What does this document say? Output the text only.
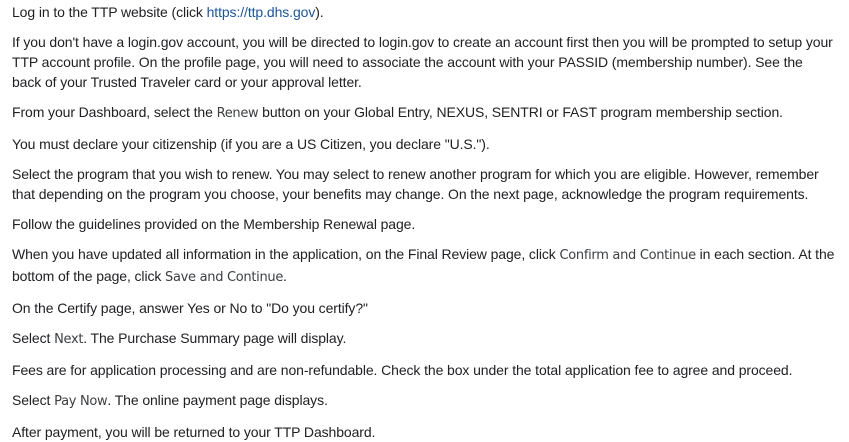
Log in to the TTP website (click https://ttp.dhs.gov).

If you don't have a login.gov account, you will be directed to login.gov to create an account first then you will be prompted to setup your TTP account profile. On the profile page, you will need to associate the account with your PASSID (membership number). See the back of your Trusted Traveler card or your approval letter.

From your Dashboard, select the Renew button on your Global Entry, NEXUS, SENTRI or FAST program membership section.

You must declare your citizenship (if you are a US Citizen, you declare "U.S.").

Select the program that you wish to renew. You may select to renew another program for which you are eligible. However, remember that depending on the program you choose, your benefits may change. On the next page, acknowledge the program requirements.

Follow the guidelines provided on the Membership Renewal page.

When you have updated all information in the application, on the Final Review page, click Confirm and Continue in each section. At the bottom of the page, click Save and Continue.

On the Certify page, answer Yes or No to "Do you certify?"

Select Next. The Purchase Summary page will display.

Fees are for application processing and are non-refundable. Check the box under the total application fee to agree and proceed.

Select Pay Now. The online payment page displays.

After payment, you will be returned to your TTP Dashboard.
